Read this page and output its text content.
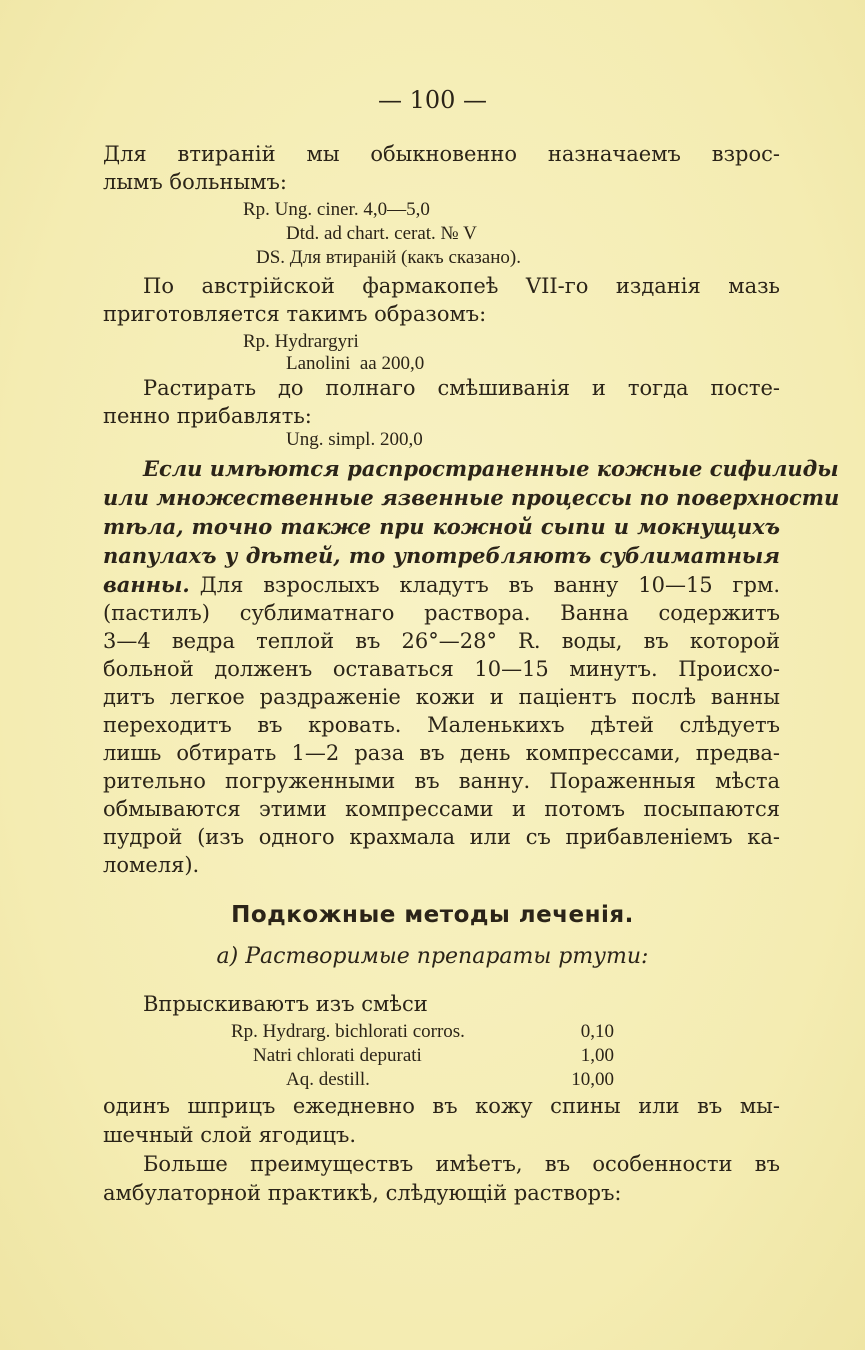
— 100 —
Для втираній мы обыкновенно назначаемъ взрос-
лымъ больнымъ:
Rp. Ung. ciner. 4,0—5,0
Dtd. ad chart. cerat. № V
DS. Для втираній (какъ сказано).
По австрійской фармакопеѣ VII-го изданія мазь
приготовляется такимъ образомъ:
Rp. Hydrargyri
Lanolini  aa 200,0
Растирать до полнаго смѣшиванія и тогда посте-
пенно прибавлять:
Ung. simpl. 200,0
Если имѣются распространенные кожные сифилиды
или множественные язвенные процессы по поверхности
тѣла, точно также при кожной сыпи и мокнущихъ
папулахъ у дѣтей, то употребляютъ сублиматныя
ванны. Для взрослыхъ кладутъ въ ванну 10—15 грм.
(пастилъ) сублиматнаго раствора. Ванна содержитъ
3—4 ведра теплой въ 26°—28° R. воды, въ которой
больной долженъ оставаться 10—15 минутъ. Происхо-
дитъ легкое раздраженіе кожи и паціентъ послѣ ванны
переходитъ въ кровать. Маленькихъ дѣтей слѣдуетъ
лишь обтирать 1—2 раза въ день компрессами, предва-
рительно погруженными въ ванну. Пораженныя мѣста
обмываются этими компрессами и потомъ посыпаются
пудрой (изъ одного крахмала или съ прибавленіемъ ка-
ломеля).
Подкожные методы леченія.
a) Растворимые препараты ртути:
Впрыскиваютъ изъ смѣси
Rp. Hydrarg. bichlorati corros.	0,10
Natri chlorati depurati	1,00
Aq. destill.	10,00
одинъ шприцъ ежедневно въ кожу спины или въ мы-
шечный слой ягодицъ.
Больше преимуществъ имѣетъ, въ особенности въ
амбулаторной практикѣ, слѣдующій растворъ:
